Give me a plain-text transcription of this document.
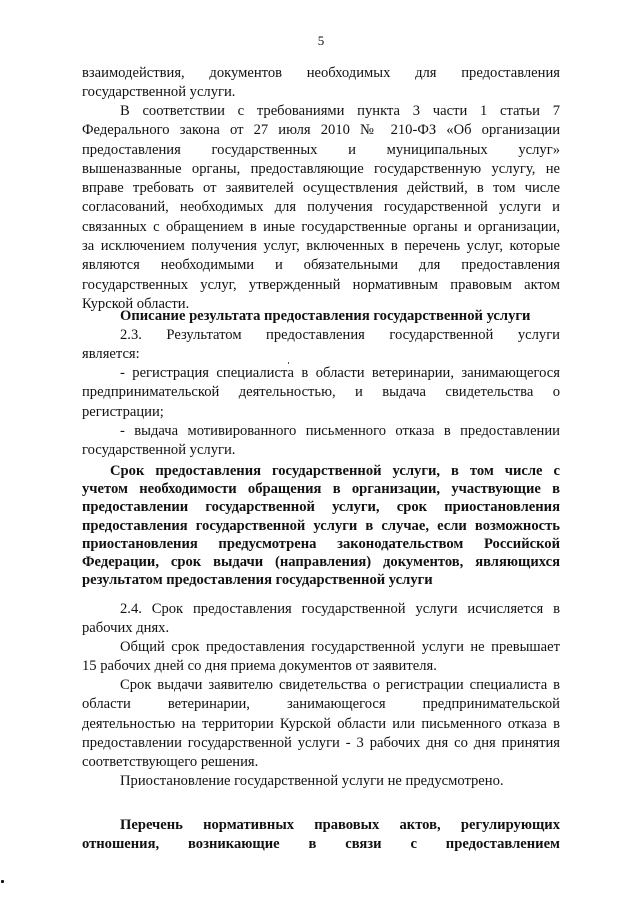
5
взаимодействия, документов необходимых для предоставления
государственной услуги.
В соответствии с требованиями пункта 3 части 1 статьи 7
Федерального закона от 27 июля 2010 № 210-ФЗ «Об организации
предоставления государственных и муниципальных услуг»
вышеназванные органы, предоставляющие государственную услугу, не
вправе требовать от заявителей осуществления действий, в том числе
согласований, необходимых для получения государственной услуги и
связанных с обращением в иные государственные органы и организации,
за исключением получения услуг, включенных в перечень услуг, которые
являются необходимыми и обязательными для предоставления
государственных услуг, утвержденный нормативным правовым актом
Курской области.
Описание результата предоставления государственной услуги
2.3. Результатом предоставления государственной услуги
является:
- регистрация специалиста в области ветеринарии, занимающегося
предпринимательской деятельностью, и выдача свидетельства о
регистрации;
- выдача мотивированного письменного отказа в предоставлении
государственной услуги.
Срок предоставления государственной услуги, в том числе с
учетом необходимости обращения в организации, участвующие в
предоставлении государственной услуги, срок приостановления
предоставления государственной услуги в случае, если возможность
приостановления предусмотрена законодательством Российской
Федерации, срок выдачи (направления) документов, являющихся
результатом предоставления государственной услуги
2.4. Срок предоставления государственной услуги исчисляется в
рабочих днях.
Общий срок предоставления государственной услуги не превышает
15 рабочих дней со дня приема документов от заявителя.
Срок выдачи заявителю свидетельства о регистрации специалиста в
области ветеринарии, занимающегося предпринимательской
деятельностью на территории Курской области или письменного отказа в
предоставлении государственной услуги - 3 рабочих дня со дня принятия
соответствующего решения.
Приостановление государственной услуги не предусмотрено.
Перечень нормативных правовых актов, регулирующих
отношения, возникающие в связи с предоставлением
